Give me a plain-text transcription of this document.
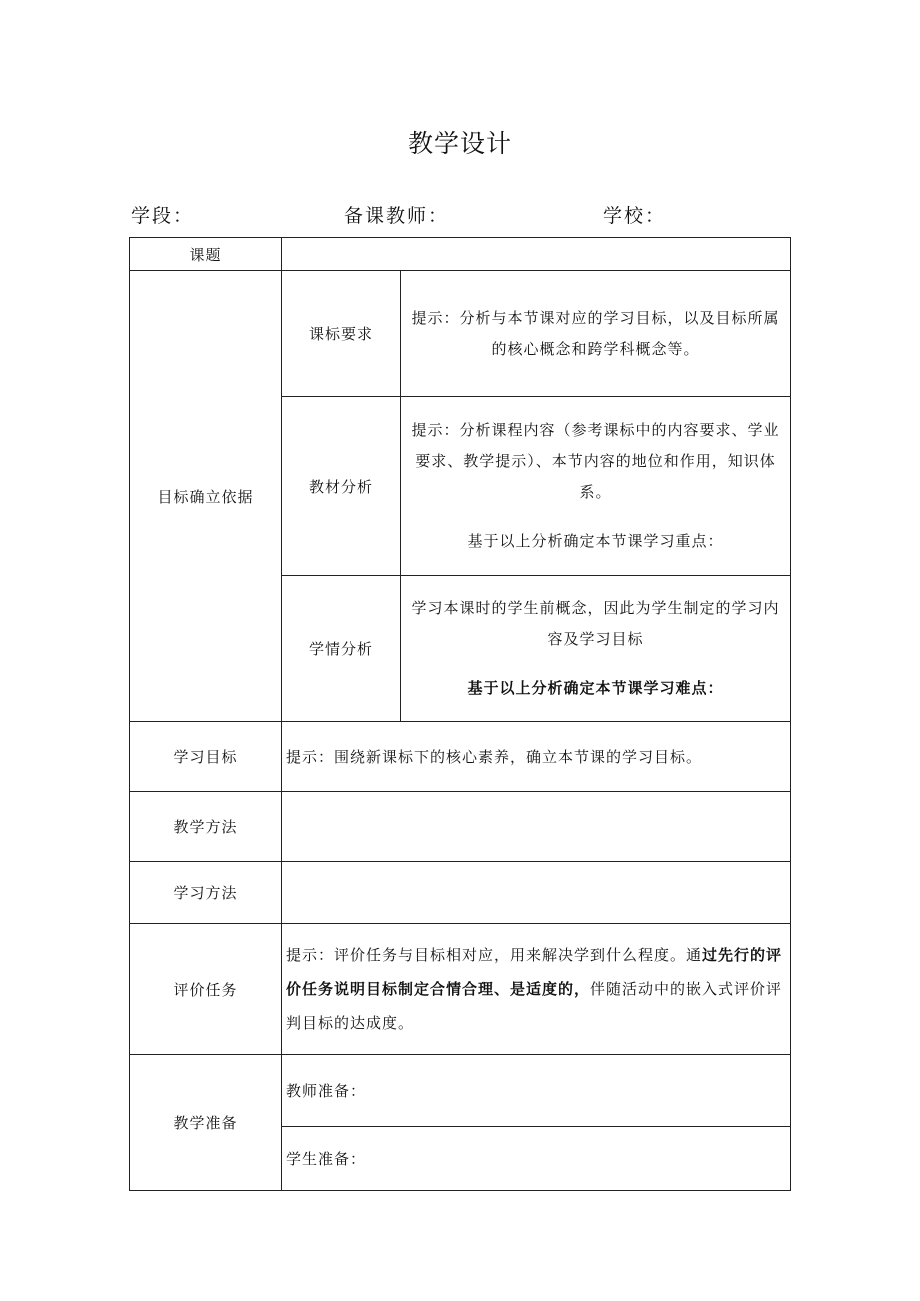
教学设计
学段：	备课教师：	学校：
课题		
目标确立依据	课标要求	提示：分析与本节课对应的学习目标，以及目标所属的核心概念和跨学科概念等。

	教材分析	提示：分析课程内容（参考课标中的内容要求、学业要求、教学提示）、本节内容的地位和作用，知识体系。
基于以上分析确定本节课学习重点：

	学情分析	学习本课时的学生前概念，因此为学生制定的学习内容及学习目标
基于以上分析确定本节课学习难点：

学习目标	提示：围绕新课标下的核心素养，确立本节课的学习目标。	
教学方法		
学习方法		
评价任务	提示：评价任务与目标相对应，用来解决学到什么程度。通过先行的评价任务说明目标制定合情合理、是适度的，伴随活动中的嵌入式评价评判目标的达成度。	
教学准备	教师准备：	
	学生准备：	
